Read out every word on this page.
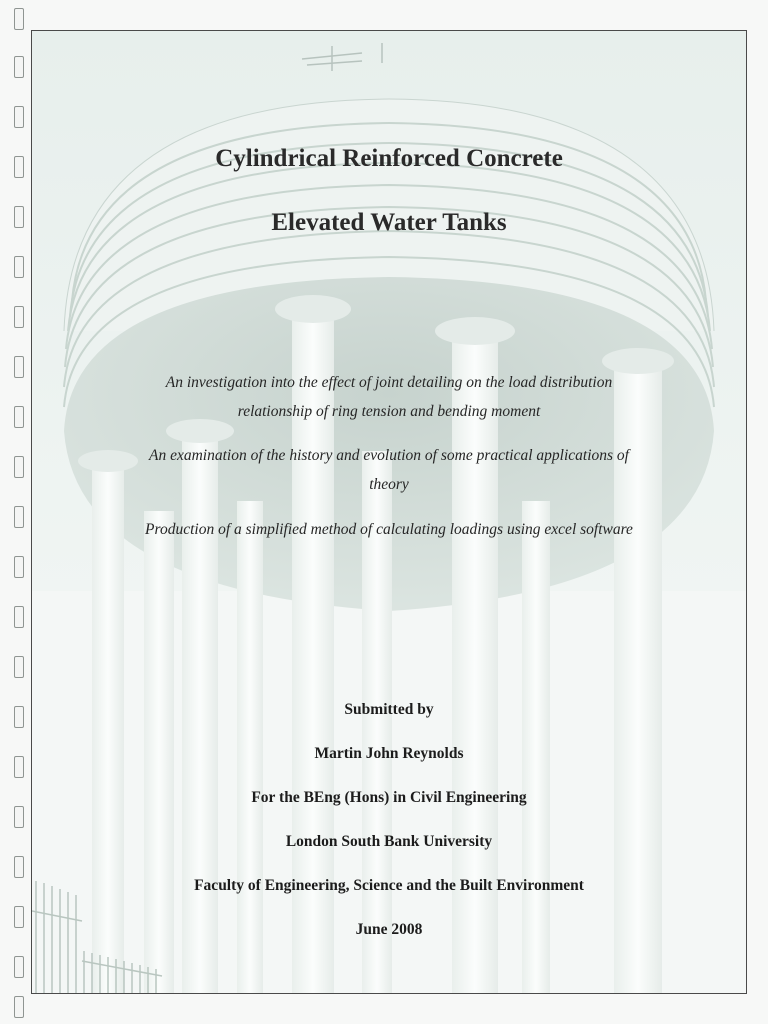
Cylindrical Reinforced Concrete
Elevated Water Tanks
An investigation into the effect of joint detailing on the load distribution relationship of ring tension and bending moment
An examination of the history and evolution of some practical applications of theory
Production of a simplified method of calculating loadings using excel software
Submitted by
Martin John Reynolds
For the BEng (Hons) in Civil Engineering
London South Bank University
Faculty of Engineering, Science and the Built Environment
June 2008
